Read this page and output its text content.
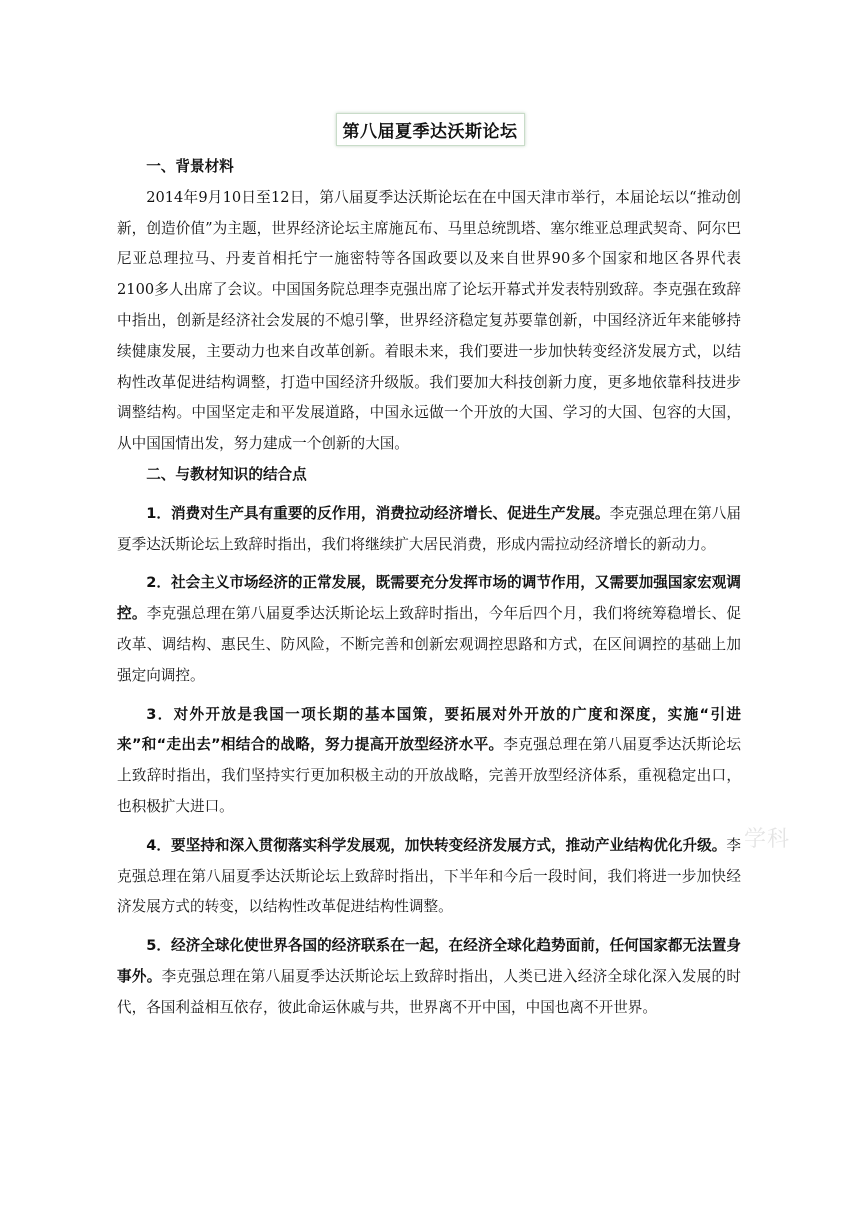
第八届夏季达沃斯论坛

一、背景材料

2014年9月10日至12日，第八届夏季达沃斯论坛在在中国天津市举行，本届论坛以“推动创新，创造价值”为主题，世界经济论坛主席施瓦布、马里总统凯塔、塞尔维亚总理武契奇、阿尔巴尼亚总理拉马、丹麦首相托宁一施密特等各国政要以及来自世界90多个国家和地区各界代表2100多人出席了会议。中国国务院总理李克强出席了论坛开幕式并发表特别致辞。李克强在致辞中指出，创新是经济社会发展的不熄引擎，世界经济稳定复苏要靠创新，中国经济近年来能够持续健康发展，主要动力也来自改革创新。着眼未来，我们要进一步加快转变经济发展方式，以结构性改革促进结构调整，打造中国经济升级版。我们要加大科技创新力度，更多地依靠科技进步调整结构。中国坚定走和平发展道路，中国永远做一个开放的大国、学习的大国、包容的大国，从中国国情出发，努力建成一个创新的大国。

二、与教材知识的结合点

1．消费对生产具有重要的反作用，消费拉动经济增长、促进生产发展。李克强总理在第八届夏季达沃斯论坛上致辞时指出，我们将继续扩大居民消费，形成内需拉动经济增长的新动力。

2．社会主义市场经济的正常发展，既需要充分发挥市场的调节作用，又需要加强国家宏观调控。李克强总理在第八届夏季达沃斯论坛上致辞时指出，今年后四个月，我们将统筹稳增长、促改革、调结构、惠民生、防风险，不断完善和创新宏观调控思路和方式，在区间调控的基础上加强定向调控。

3．对外开放是我国一项长期的基本国策，要拓展对外开放的广度和深度，实施“引进来”和“走出去”相结合的战略，努力提高开放型经济水平。李克强总理在第八届夏季达沃斯论坛上致辞时指出，我们坚持实行更加积极主动的开放战略，完善开放型经济体系，重视稳定出口，也积极扩大进口。

4．要坚持和深入贯彻落实科学发展观，加快转变经济发展方式，推动产业结构优化升级。李克强总理在第八届夏季达沃斯论坛上致辞时指出，下半年和今后一段时间，我们将进一步加快经济发展方式的转变，以结构性改革促进结构性调整。

5．经济全球化使世界各国的经济联系在一起，在经济全球化趋势面前，任何国家都无法置身事外。李克强总理在第八届夏季达沃斯论坛上致辞时指出，人类已进入经济全球化深入发展的时代，各国利益相互依存，彼此命运休戚与共，世界离不开中国，中国也离不开世界。

学科
